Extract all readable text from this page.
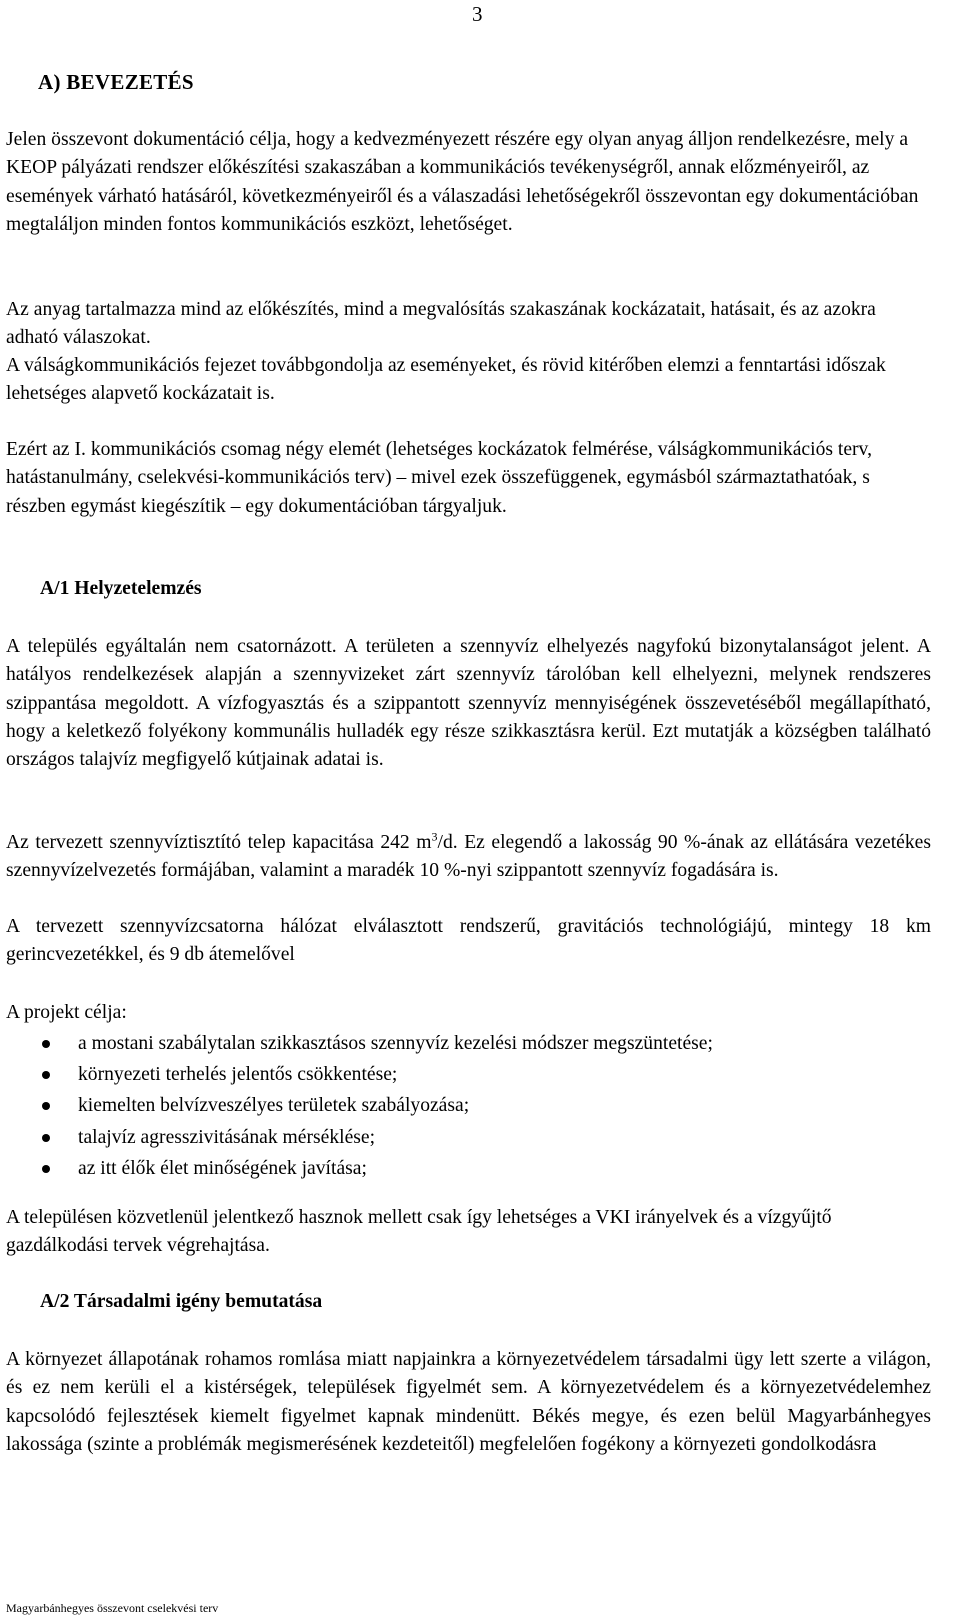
3
A) BEVEZETÉS

Jelen összevont dokumentáció célja, hogy a kedvezményezett részére egy olyan anyag álljon rendelkezésre, mely a KEOP pályázati rendszer előkészítési szakaszában a kommunikációs tevékenységről, annak előzményeiről, az események várható hatásáról, következményeiről és a válaszadási lehetőségekről összevontan egy dokumentációban megtaláljon minden fontos kommunikációs eszközt, lehetőséget.

Az anyag tartalmazza mind az előkészítés, mind a megvalósítás szakaszának kockázatait, hatásait, és az azokra adható válaszokat.

A válságkommunikációs fejezet továbbgondolja az eseményeket, és rövid kitérőben elemzi a fenntartási időszak lehetséges alapvető kockázatait is.

Ezért az I. kommunikációs csomag négy elemét (lehetséges kockázatok felmérése, válságkommunikációs terv, hatástanulmány, cselekvési-kommunikációs terv) – mivel ezek összefüggenek, egymásból származtathatóak, s részben egymást kiegészítik – egy dokumentációban tárgyaljuk.

A/1 Helyzetelemzés

A település egyáltalán nem csatornázott. A területen a szennyvíz elhelyezés nagyfokú bizonytalanságot jelent. A hatályos rendelkezések alapján a szennyvizeket zárt szennyvíz tárolóban kell elhelyezni, melynek rendszeres szippantása megoldott. A vízfogyasztás és a szippantott szennyvíz mennyiségének összevetéséből megállapítható, hogy a keletkező folyékony kommunális hulladék egy része szikkasztásra kerül. Ezt mutatják a községben található országos talajvíz megfigyelő kútjainak adatai is.

Az tervezett szennyvíztisztító telep kapacitása 242 $m^3/d$. Ez elegendő a lakosság 90 %-ának az ellátására vezetékes szennyvízelvezetés formájában, valamint a maradék 10 %-nyi szippantott szennyvíz fogadására is.

A tervezett szennyvízcsatorna hálózat elválasztott rendszerű, gravitációs technológiájú, mintegy 18 km gerincvezetékkel, és 9 db átemelővel

A projekt célja:
a mostani szabálytalan szikkasztásos szennyvíz kezelési módszer megszüntetése;
környezeti terhelés jelentős csökkentése;
kiemelten belvízveszélyes területek szabályozása;
talajvíz agresszivitásának mérséklése;
az itt élők élet minőségének javítása;

A településen közvetlenül jelentkező hasznok mellett csak így lehetséges a VKI irányelvek és a vízgyűjtő gazdálkodási tervek végrehajtása.

A/2 Társadalmi igény bemutatása

A környezet állapotának rohamos romlása miatt napjainkra a környezetvédelem társadalmi ügy lett szerte a világon, és ez nem kerüli el a kistérségek, települések figyelmét sem. A környezetvédelem és a környezetvédelemhez kapcsolódó fejlesztések kiemelt figyelmet kapnak mindenütt. Békés megye, és ezen belül Magyarbánhegyes lakossága (szinte a problémák megismerésének kezdeteitől) megfelelően fogékony a környezeti gondolkodásra

Magyarbánhegyes összevont cselekvési terv
